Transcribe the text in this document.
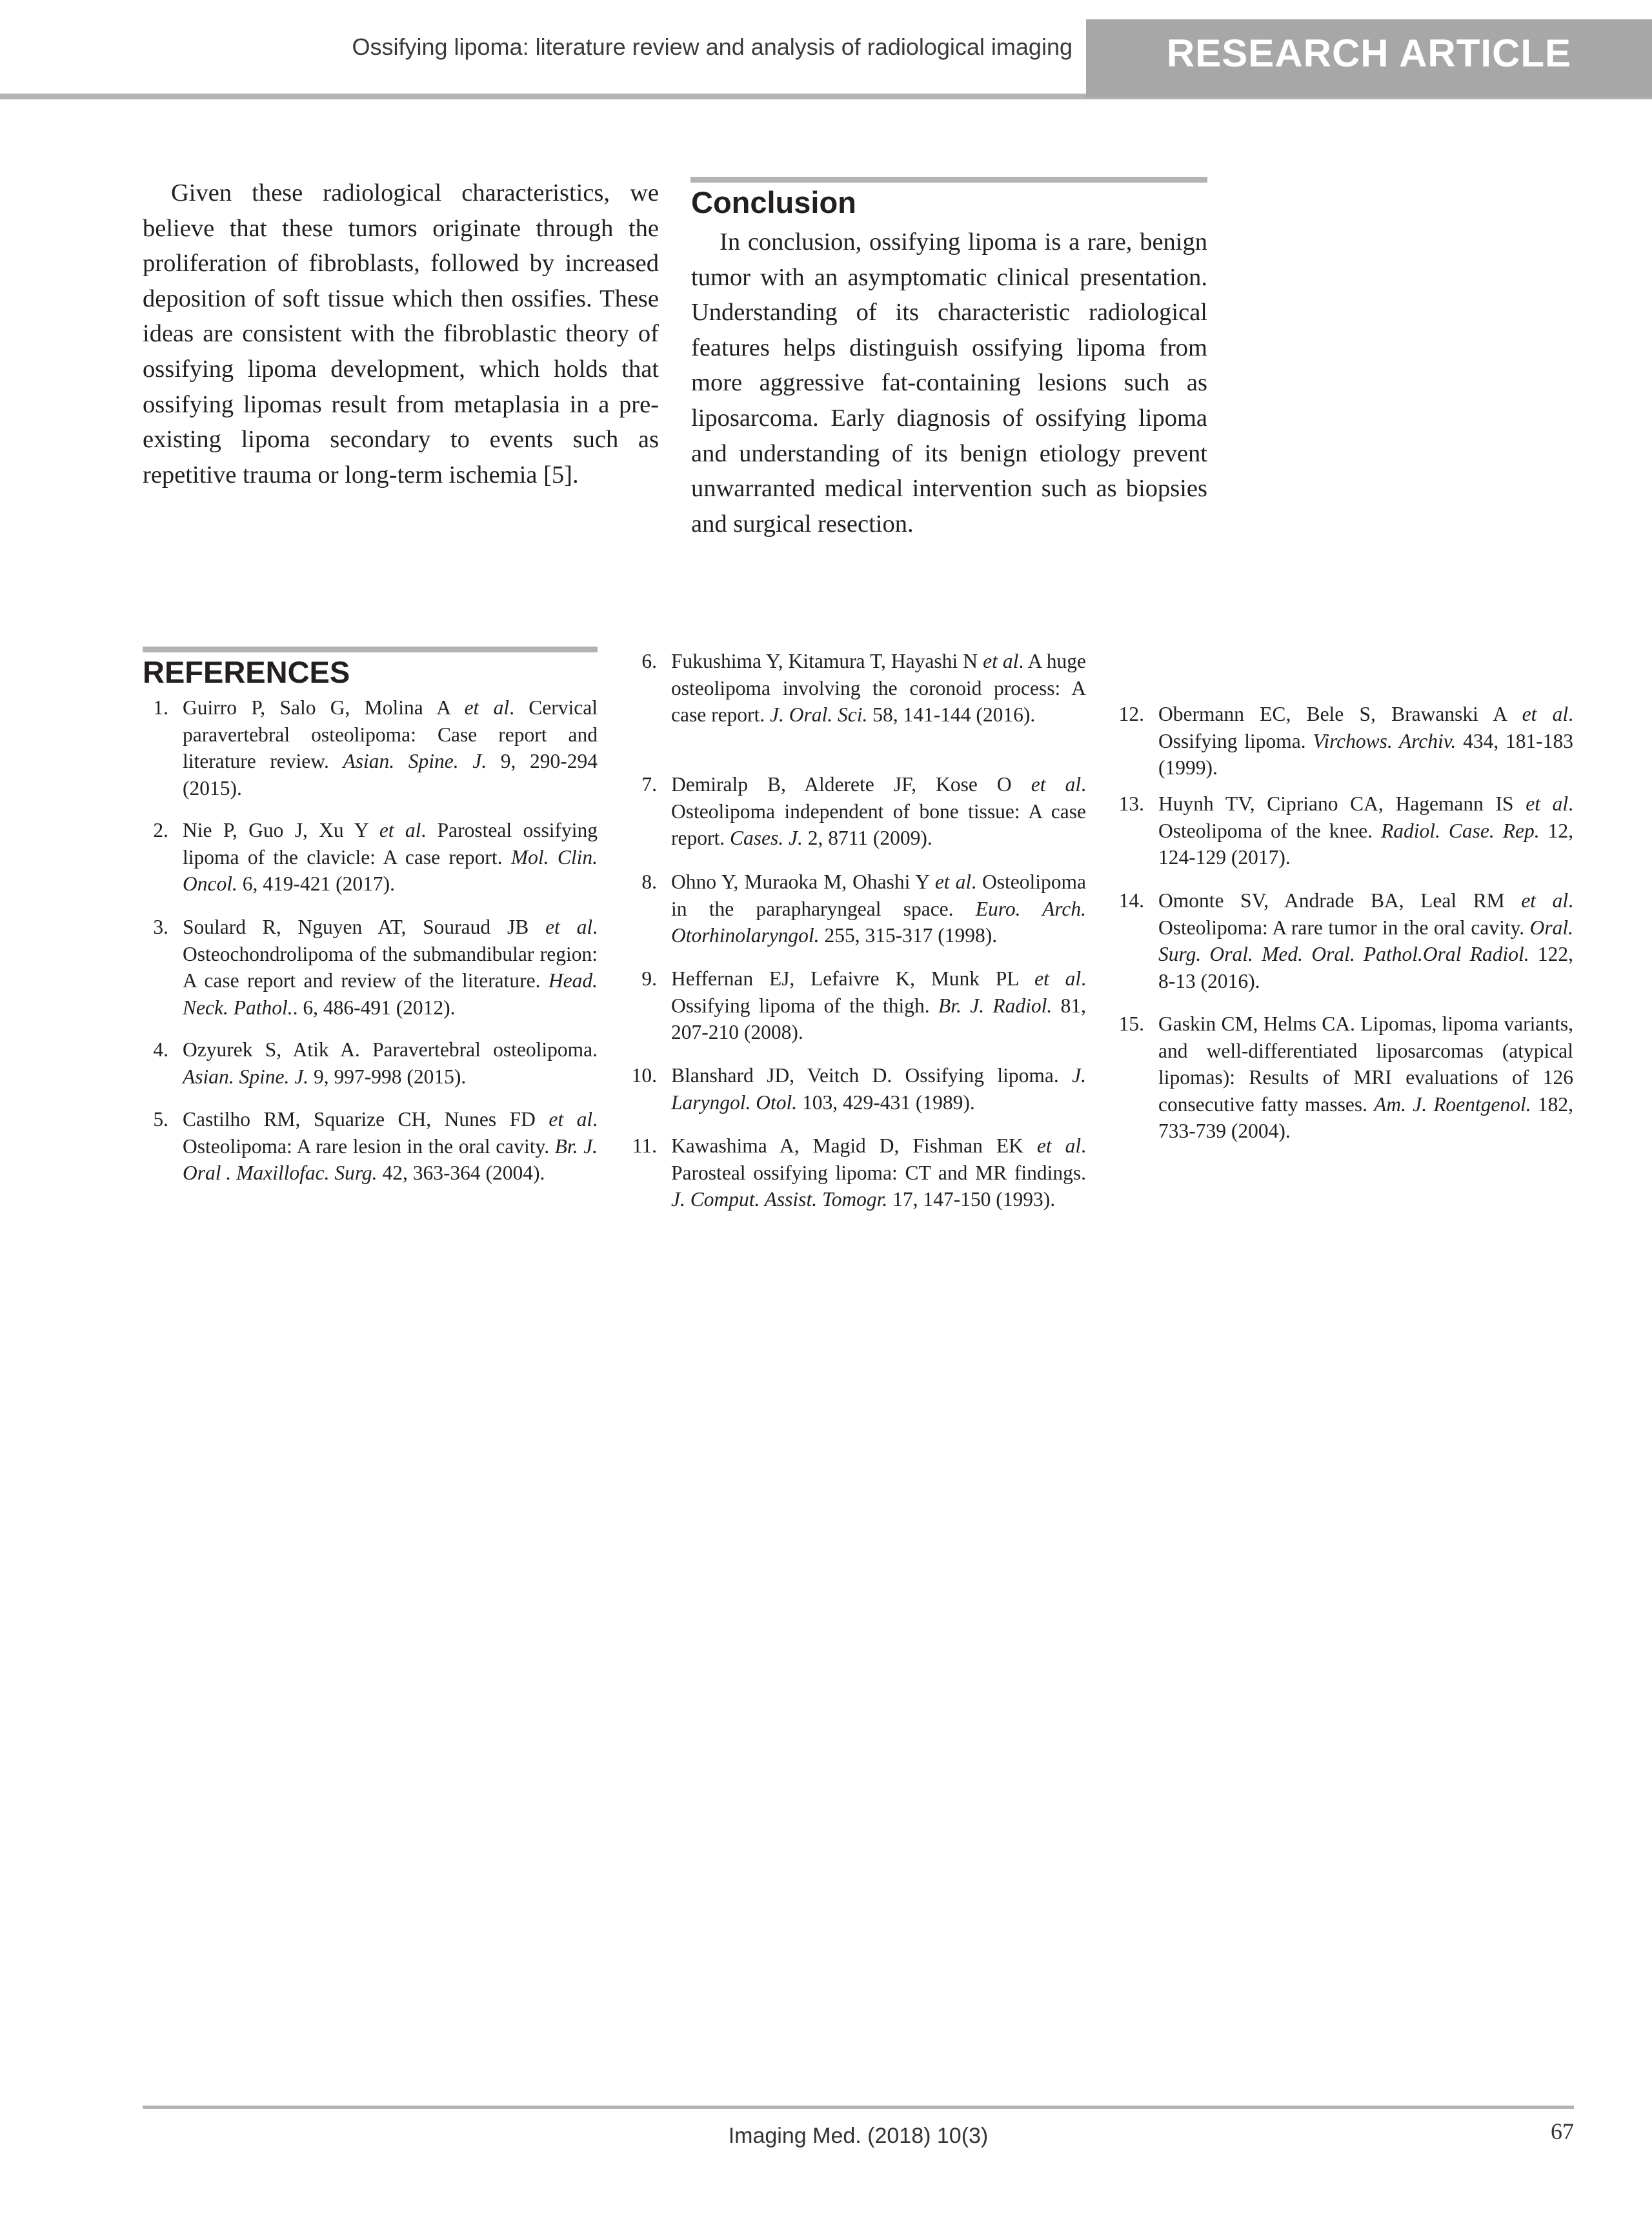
Ossifying lipoma: literature review and analysis of radiological imaging	RESEARCH ARTICLE
Given these radiological characteristics, we believe that these tumors originate through the proliferation of fibroblasts, followed by increased deposition of soft tissue which then ossifies. These ideas are consistent with the fibroblastic theory of ossifying lipoma development, which holds that ossifying lipomas result from metaplasia in a pre-existing lipoma secondary to events such as repetitive trauma or long-term ischemia [5].
Conclusion
In conclusion, ossifying lipoma is a rare, benign tumor with an asymptomatic clinical presentation. Understanding of its characteristic radiological features helps distinguish ossifying lipoma from more aggressive fat-containing lesions such as liposarcoma. Early diagnosis of ossifying lipoma and understanding of its benign etiology prevent unwarranted medical intervention such as biopsies and surgical resection.
REFERENCES
1. Guirro P, Salo G, Molina A et al. Cervical paravertebral osteolipoma: Case report and literature review. Asian. Spine. J. 9, 290-294 (2015).
2. Nie P, Guo J, Xu Y et al. Parosteal ossifying lipoma of the clavicle: A case report. Mol. Clin. Oncol. 6, 419-421 (2017).
3. Soulard R, Nguyen AT, Souraud JB et al. Osteochondrolipoma of the submandibular region: A case report and review of the literature. Head. Neck. Pathol.. 6, 486-491 (2012).
4. Ozyurek S, Atik A. Paravertebral osteolipoma. Asian. Spine. J. 9, 997-998 (2015).
5. Castilho RM, Squarize CH, Nunes FD et al. Osteolipoma: A rare lesion in the oral cavity. Br. J. Oral . Maxillofac. Surg. 42, 363-364 (2004).
6. Fukushima Y, Kitamura T, Hayashi N et al. A huge osteolipoma involving the coronoid process: A case report. J. Oral. Sci. 58, 141-144 (2016).
7. Demiralp B, Alderete JF, Kose O et al. Osteolipoma independent of bone tissue: A case report. Cases. J. 2, 8711 (2009).
8. Ohno Y, Muraoka M, Ohashi Y et al. Osteolipoma in the parapharyngeal space. Euro. Arch. Otorhinolaryngol. 255, 315-317 (1998).
9. Heffernan EJ, Lefaivre K, Munk PL et al. Ossifying lipoma of the thigh. Br. J. Radiol. 81, 207-210 (2008).
10. Blanshard JD, Veitch D. Ossifying lipoma. J. Laryngol. Otol. 103, 429-431 (1989).
11. Kawashima A, Magid D, Fishman EK et al. Parosteal ossifying lipoma: CT and MR findings. J. Comput. Assist. Tomogr. 17, 147-150 (1993).
12. Obermann EC, Bele S, Brawanski A et al. Ossifying lipoma. Virchows. Archiv. 434, 181-183 (1999).
13. Huynh TV, Cipriano CA, Hagemann IS et al. Osteolipoma of the knee. Radiol. Case. Rep. 12, 124-129 (2017).
14. Omonte SV, Andrade BA, Leal RM et al. Osteolipoma: A rare tumor in the oral cavity. Oral. Surg. Oral. Med. Oral. Pathol.Oral Radiol. 122, 8-13 (2016).
15. Gaskin CM, Helms CA. Lipomas, lipoma variants, and well-differentiated liposarcomas (atypical lipomas): Results of MRI evaluations of 126 consecutive fatty masses. Am. J. Roentgenol. 182, 733-739 (2004).
Imaging Med. (2018) 10(3)	67
